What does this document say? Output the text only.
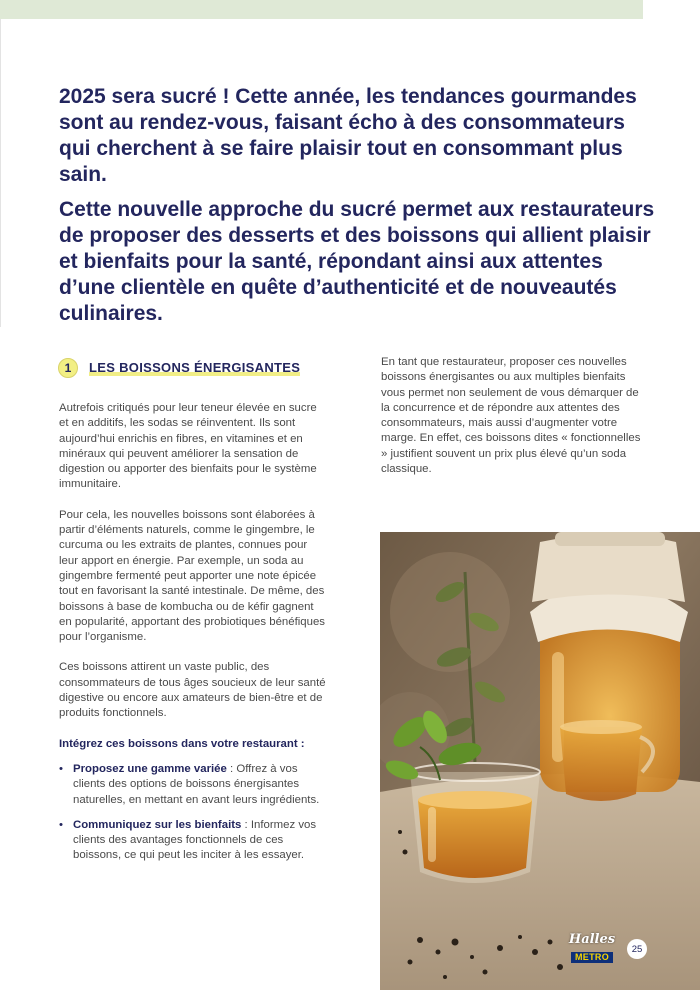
2025 sera sucré ! Cette année, les tendances gourmandes sont au rendez-vous, faisant écho à des consommateurs qui cherchent à se faire plaisir tout en consommant plus sain.

Cette nouvelle approche du sucré permet aux restaurateurs de proposer des desserts et des boissons qui allient plaisir et bienfaits pour la santé, répondant ainsi aux attentes d’une clientèle en quête d’authenticité et de nouveautés culinaires.

1	LES BOISSONS ÉNERGISANTES

Autrefois critiqués pour leur teneur élevée en sucre et en additifs, les sodas se réinventent. Ils sont aujourd’hui enrichis en fibres, en vitamines et en minéraux qui peuvent améliorer la sensation de digestion ou apporter des bienfaits pour le système immunitaire.

Pour cela, les nouvelles boissons sont élaborées à partir d’éléments naturels, comme le gingembre, le curcuma ou les extraits de plantes, connues pour leur apport en énergie. Par exemple, un soda au gingembre fermenté peut apporter une note épicée tout en favorisant la santé intestinale. De même, des boissons à base de kombucha ou de kéfir gagnent en popularité, apportant des probiotiques bénéfiques pour l’organisme.

Ces boissons attirent un vaste public, des consommateurs de tous âges soucieux de leur santé digestive ou encore aux amateurs de bien-être et de produits fonctionnels.

Intégrez ces boissons dans votre restaurant :

• Proposez une gamme variée : Offrez à vos clients des options de boissons énergisantes naturelles, en mettant en avant leurs ingrédients.
• Communiquez sur les bienfaits : Informez vos clients des avantages fonctionnels de ces boissons, ce qui peut les inciter à les essayer.

En tant que restaurateur, proposer ces nouvelles boissons énergisantes ou aux multiples bienfaits vous permet non seulement de vous démarquer de la concurrence et de répondre aux attentes des consommateurs, mais aussi d’augmenter votre marge. En effet, ces boissons dites « fonctionnelles » justifient souvent un prix plus élevé qu’un soda classique.

Halles
METRO
25
